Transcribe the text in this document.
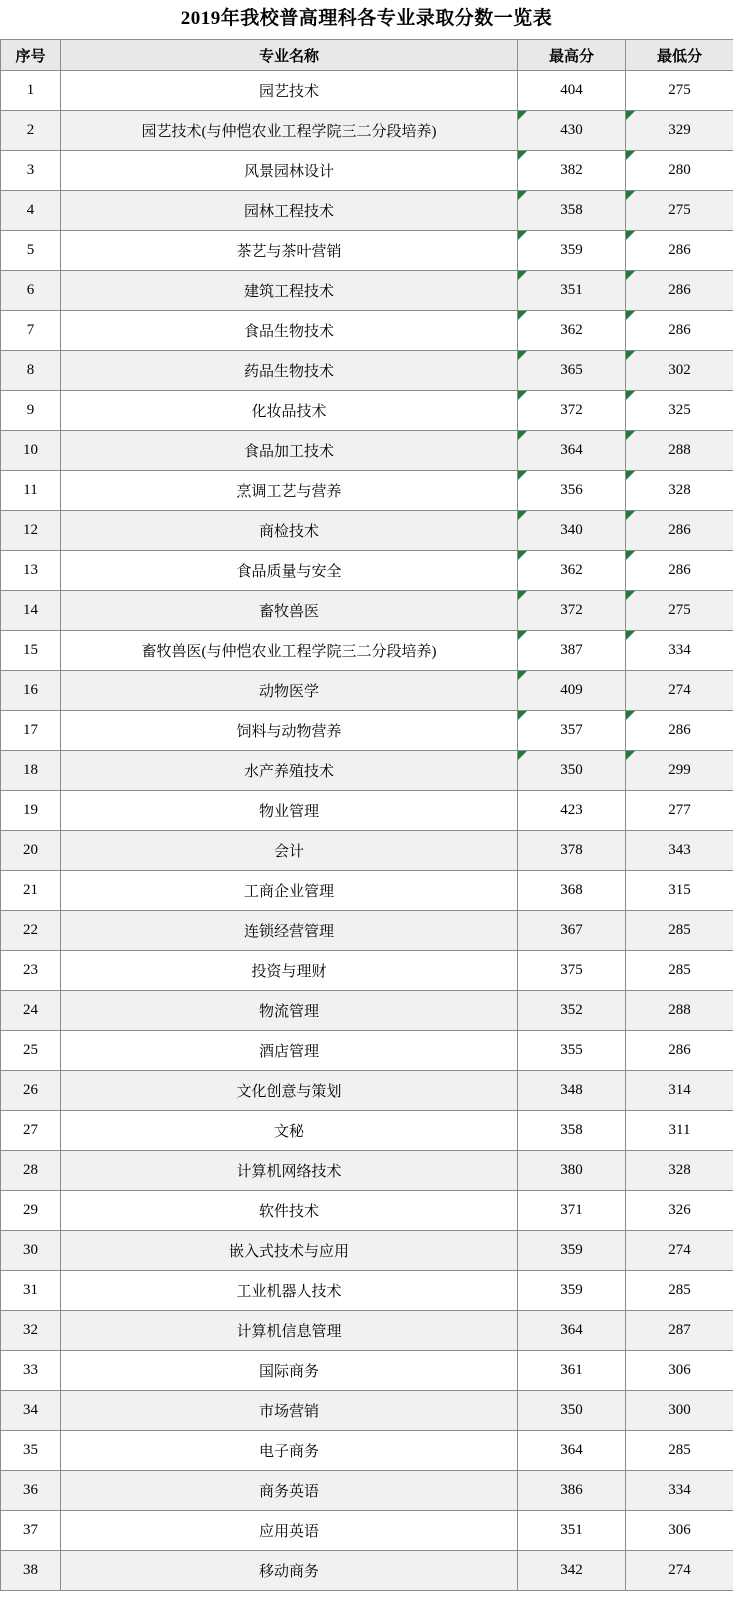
2019年我校普高理科各专业录取分数一览表
序号	专业名称	最高分	最低分
1	园艺技术	404	275
2	园艺技术(与仲恺农业工程学院三二分段培养)	430	329
3	风景园林设计	382	280
4	园林工程技术	358	275
5	茶艺与茶叶营销	359	286
6	建筑工程技术	351	286
7	食品生物技术	362	286
8	药品生物技术	365	302
9	化妆品技术	372	325
10	食品加工技术	364	288
11	烹调工艺与营养	356	328
12	商检技术	340	286
13	食品质量与安全	362	286
14	畜牧兽医	372	275
15	畜牧兽医(与仲恺农业工程学院三二分段培养)	387	334
16	动物医学	409	274
17	饲料与动物营养	357	286
18	水产养殖技术	350	299
19	物业管理	423	277
20	会计	378	343
21	工商企业管理	368	315
22	连锁经营管理	367	285
23	投资与理财	375	285
24	物流管理	352	288
25	酒店管理	355	286
26	文化创意与策划	348	314
27	文秘	358	311
28	计算机网络技术	380	328
29	软件技术	371	326
30	嵌入式技术与应用	359	274
31	工业机器人技术	359	285
32	计算机信息管理	364	287
33	国际商务	361	306
34	市场营销	350	300
35	电子商务	364	285
36	商务英语	386	334
37	应用英语	351	306
38	移动商务	342	274
